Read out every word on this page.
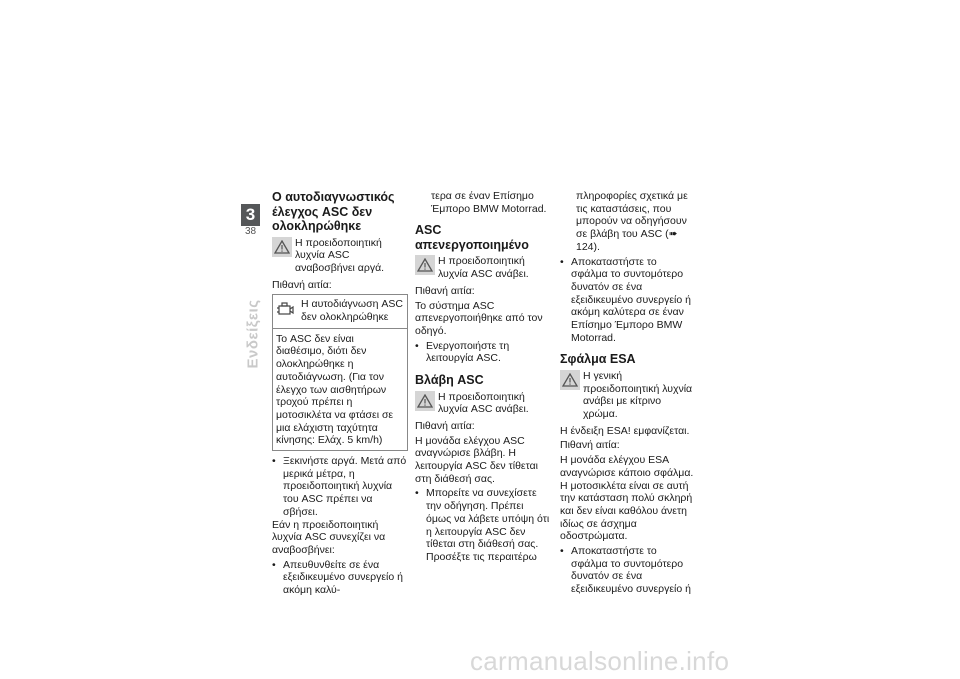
3
38
Ενδείξεις
Ο αυτοδιαγνωστικός έλεγχος ASC δεν ολοκληρώθηκε
Η προειδοποιητική λυχνία ASC αναβοσβήνει αργά.
Πιθανή αιτία:
Η αυτοδιάγνωση ASC δεν ολοκληρώθηκε
Το ASC δεν είναι διαθέσιμο, διότι δεν ολοκληρώθηκε η αυτοδιάγνωση. (Για τον έλεγχο των αισθητήρων τροχού πρέπει η μοτοσικλέτα να φτάσει σε μια ελάχιστη ταχύτητα κίνησης: Ελάχ. 5 km/h)
• Ξεκινήστε αργά. Μετά από μερικά μέτρα, η προειδοποιητική λυχνία του ASC πρέπει να σβήσει.
Εάν η προειδοποιητική λυχνία ASC συνεχίζει να αναβοσβήνει:
• Απευθυνθείτε σε ένα εξειδικευμένο συνεργείο ή ακόμη καλύ-
τερα σε έναν Επίσημο Έμπορο BMW Motorrad.
ASC απενεργοποιημένο
Η προειδοποιητική λυχνία ASC ανάβει.
Πιθανή αιτία:
Το σύστημα ASC απενεργοποιήθηκε από τον οδηγό.
• Ενεργοποιήστε τη λειτουργία ASC.
Βλάβη ASC
Η προειδοποιητική λυχνία ASC ανάβει.
Πιθανή αιτία:
Η μονάδα ελέγχου ASC αναγνώρισε βλάβη. Η λειτουργία ASC δεν τίθεται στη διάθεσή σας.
• Μπορείτε να συνεχίσετε την οδήγηση. Πρέπει όμως να λάβετε υπόψη ότι η λειτουργία ASC δεν τίθεται στη διάθεσή σας. Προσέξτε τις περαιτέρω
πληροφορίες σχετικά με τις καταστάσεις, που μπορούν να οδηγήσουν σε βλάβη του ASC (➠ 124).
• Αποκαταστήστε το σφάλμα το συντομότερο δυνατόν σε ένα εξειδικευμένο συνεργείο ή ακόμη καλύτερα σε έναν Επίσημο Έμπορο BMW Motorrad.
Σφάλμα ESA
Η γενική προειδοποιητική λυχνία ανάβει με κίτρινο χρώμα.
Η ένδειξη ESA! εμφανίζεται.
Πιθανή αιτία:
Η μονάδα ελέγχου ESA αναγνώρισε κάποιο σφάλμα. Η μοτοσικλέτα είναι σε αυτή την κατάσταση πολύ σκληρή και δεν είναι καθόλου άνετη ιδίως σε άσχημα οδοστρώματα.
• Αποκαταστήστε το σφάλμα το συντομότερο δυνατόν σε ένα εξειδικευμένο συνεργείο ή
carmanualsonline.info
